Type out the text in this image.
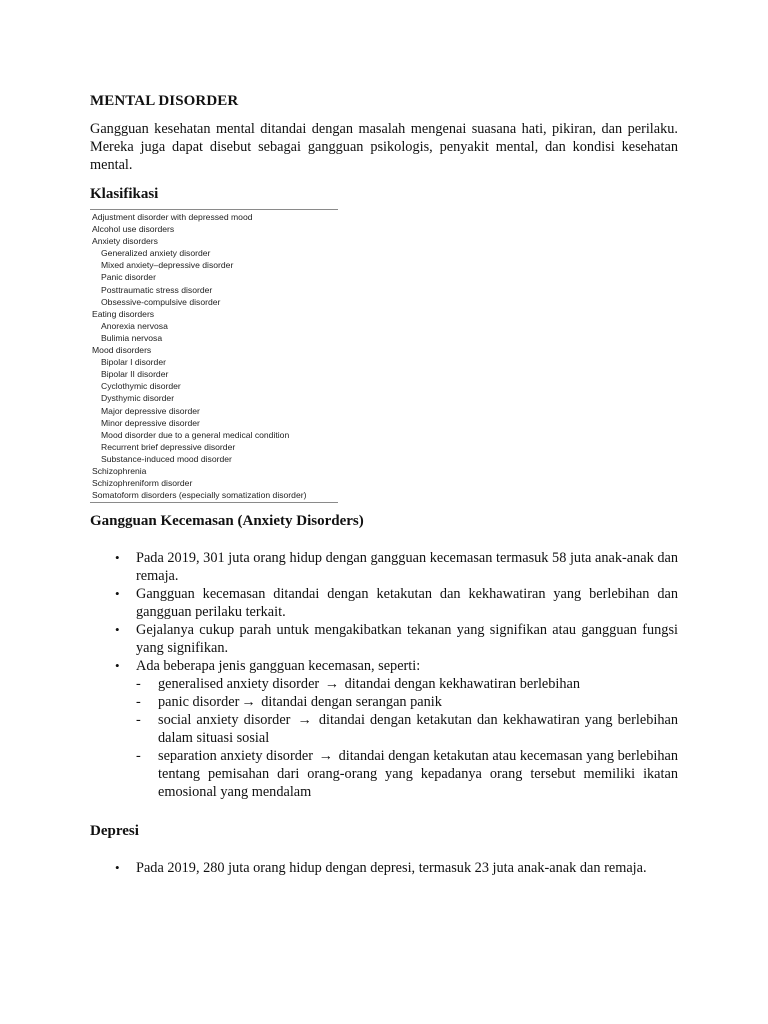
MENTAL DISORDER

Gangguan kesehatan mental ditandai dengan masalah mengenai suasana hati, pikiran, dan perilaku. Mereka juga dapat disebut sebagai gangguan psikologis, penyakit mental, dan kondisi kesehatan mental.

Klasifikasi
Adjustment disorder with depressed mood
Alcohol use disorders
Anxiety disorders
Generalized anxiety disorder
Mixed anxiety–depressive disorder
Panic disorder
Posttraumatic stress disorder
Obsessive-compulsive disorder
Eating disorders
Anorexia nervosa
Bulimia nervosa
Mood disorders
Bipolar I disorder
Bipolar II disorder
Cyclothymic disorder
Dysthymic disorder
Major depressive disorder
Minor depressive disorder
Mood disorder due to a general medical condition
Recurrent brief depressive disorder
Substance-induced mood disorder
Schizophrenia
Schizophreniform disorder
Somatoform disorders (especially somatization disorder)
Gangguan Kecemasan (Anxiety Disorders)
• Pada 2019, 301 juta orang hidup dengan gangguan kecemasan termasuk 58 juta anak-anak dan remaja.
• Gangguan kecemasan ditandai dengan ketakutan dan kekhawatiran yang berlebihan dan gangguan perilaku terkait.
• Gejalanya cukup parah untuk mengakibatkan tekanan yang signifikan atau gangguan fungsi yang signifikan.
• Ada beberapa jenis gangguan kecemasan, seperti:
- generalised anxiety disorder → ditandai dengan kekhawatiran berlebihan
- panic disorder → ditandai dengan serangan panik
- social anxiety disorder → ditandai dengan ketakutan dan kekhawatiran yang berlebihan dalam situasi sosial
- separation anxiety disorder → ditandai dengan ketakutan atau kecemasan yang berlebihan tentang pemisahan dari orang-orang yang kepadanya orang tersebut memiliki ikatan emosional yang mendalam
Depresi
• Pada 2019, 280 juta orang hidup dengan depresi, termasuk 23 juta anak-anak dan remaja.
